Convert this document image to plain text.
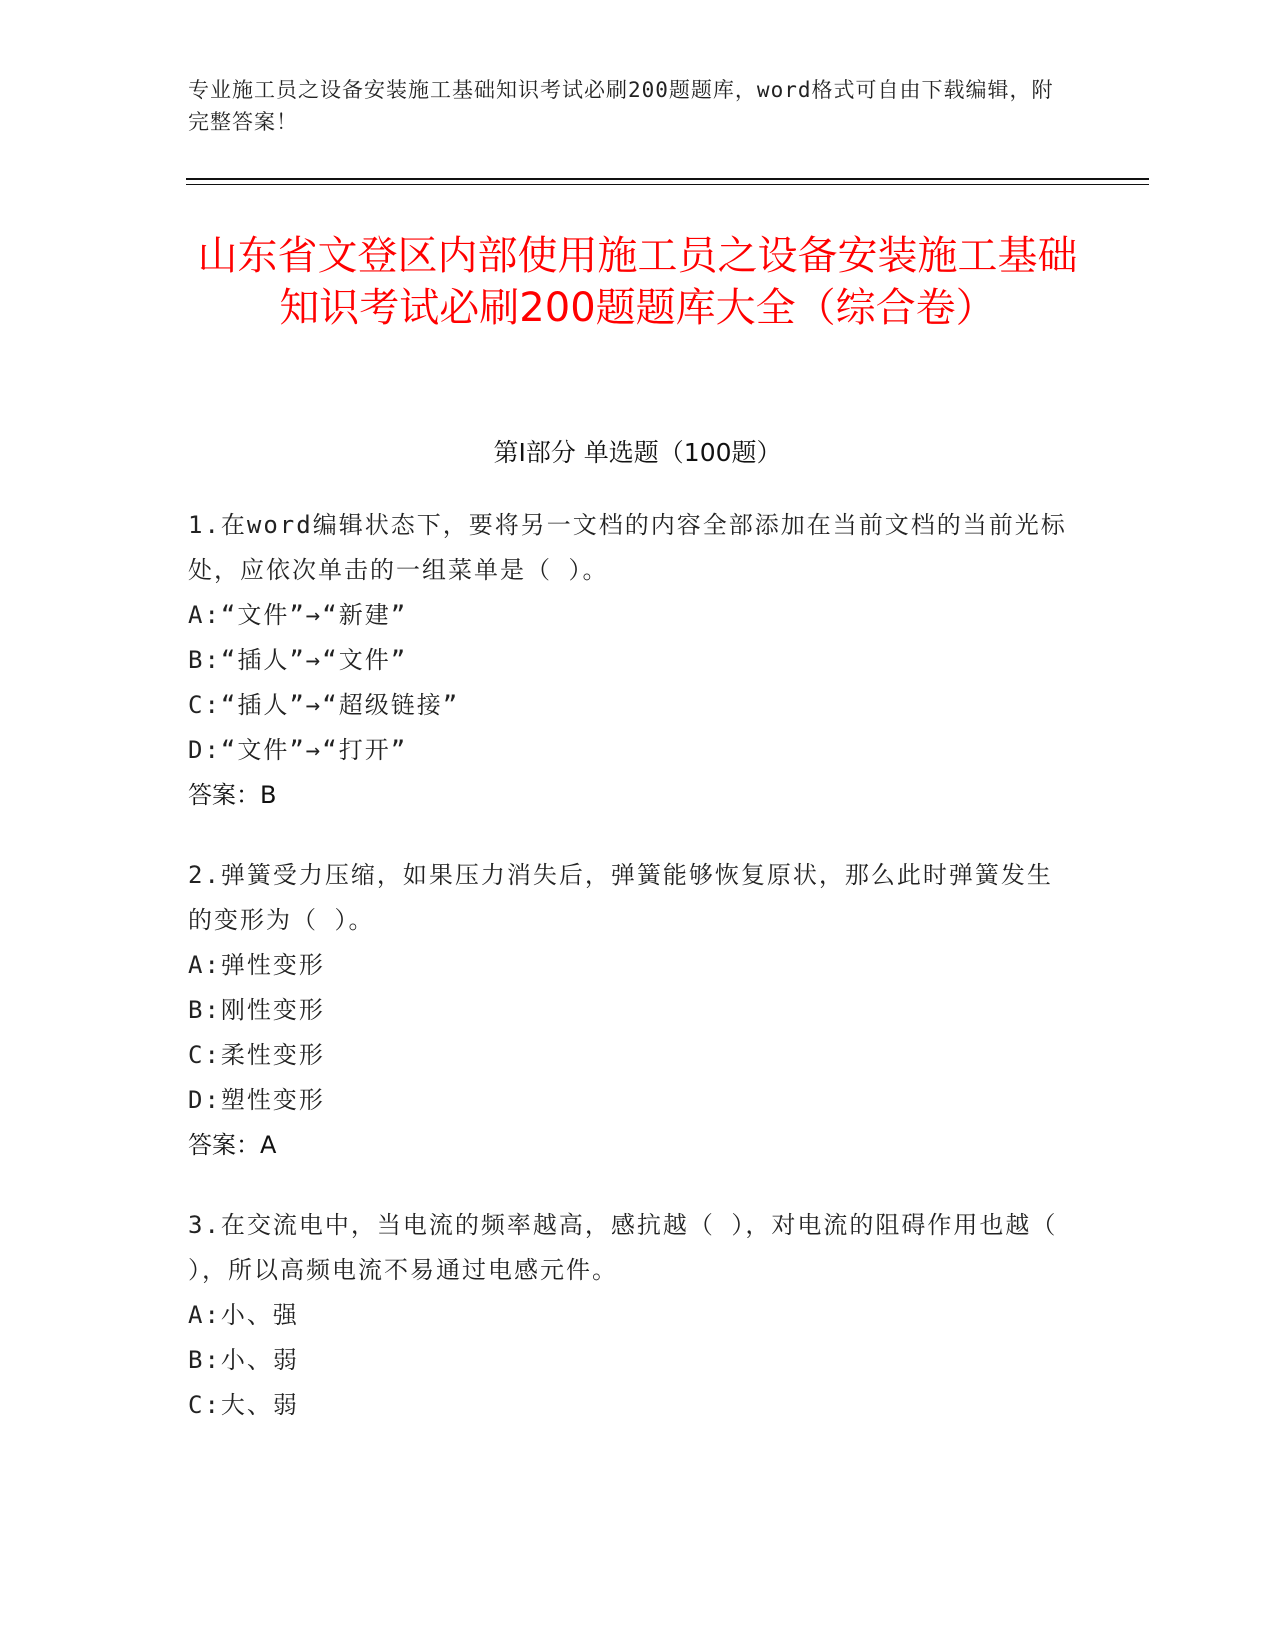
专业施工员之设备安装施工基础知识考试必刷200题题库，word格式可自由下载编辑，附完整答案！
山东省文登区内部使用施工员之设备安装施工基础知识考试必刷200题题库大全（综合卷）
第I部分 单选题（100题）

1.在word编辑状态下，要将另一文档的内容全部添加在当前文档的当前光标处，应依次单击的一组菜单是（ ）。

A:“文件”→“新建”

B:“插人”→“文件”

C:“插人”→“超级链接”

D:“文件”→“打开”

答案：B

2.弹簧受力压缩，如果压力消失后，弹簧能够恢复原状，那么此时弹簧发生的变形为（ ）。

A:弹性变形

B:刚性变形

C:柔性变形

D:塑性变形

答案：A

3.在交流电中，当电流的频率越高，感抗越（ ），对电流的阻碍作用也越（ ），所以高频电流不易通过电感元件。

A:小、强

B:小、弱

C:大、弱
